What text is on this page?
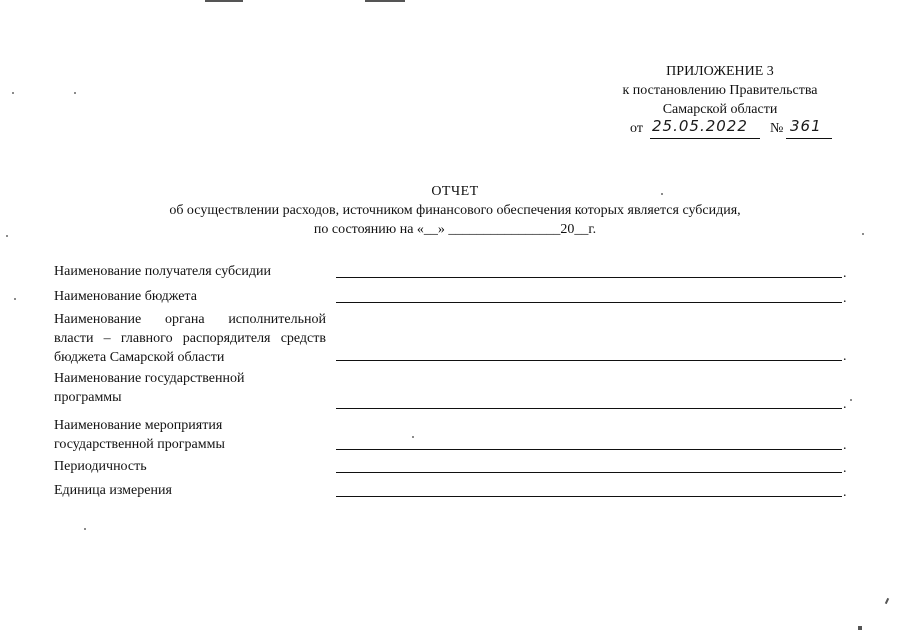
ПРИЛОЖЕНИЕ 3
к постановлению Правительства
Самарской области
от 25.05.2022 № 361
ОТЧЕТ
об осуществлении расходов, источником финансового обеспечения которых является субсидия,
по состоянию на «__» ________________20__г.
Наименование получателя субсидии	.
Наименование бюджета	.
Наименование органа исполнительной власти – главного распорядителя средств бюджета Самарской области	.
Наименование государственной программы	.
Наименование мероприятия государственной программы	.
Периодичность	.
Единица измерения	.
